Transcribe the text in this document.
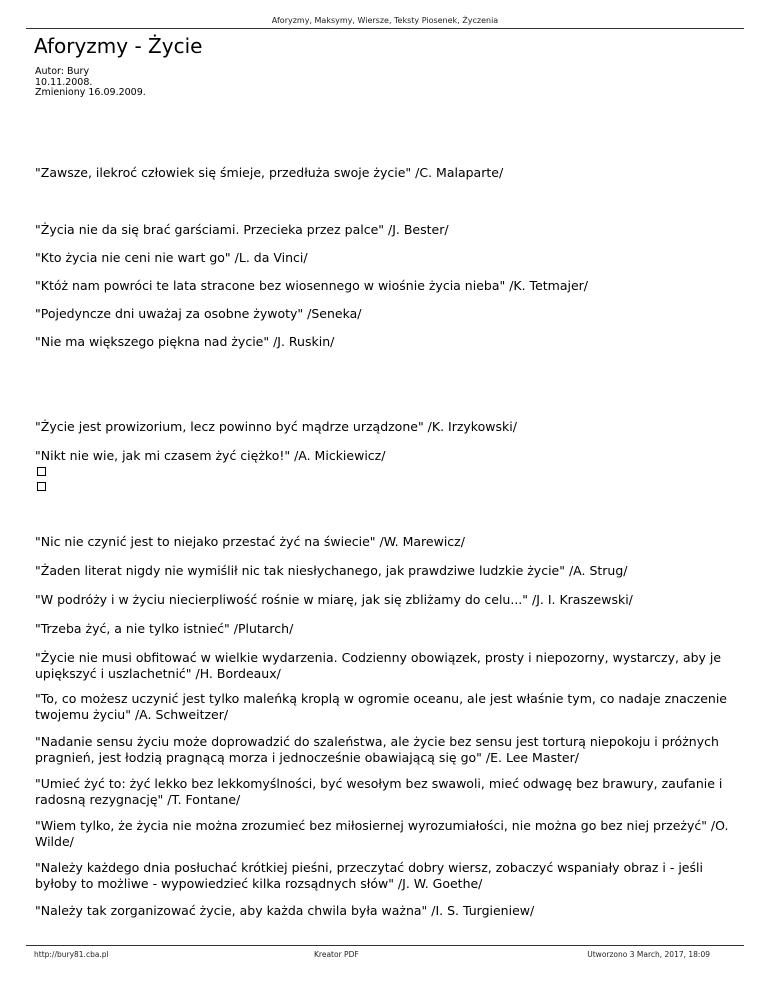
Aforyzmy, Maksymy, Wiersze, Teksty Piosenek, Życzenia
Aforyzmy - Życie
Autor: Bury
10.11.2008.
Zmieniony 16.09.2009.

"Zawsze, ilekroć człowiek się śmieje, przedłuża swoje życie" /C. Malaparte/

"Życia nie da się brać garściami. Przecieka przez palce" /J. Bester/

"Kto życia nie ceni nie wart go" /L. da Vinci/

"Któż nam powróci te lata stracone bez wiosennego w wiośnie życia nieba" /K. Tetmajer/

"Pojedyncze dni uważaj za osobne żywoty" /Seneka/

"Nie ma większego piękna nad życie" /J. Ruskin/

"Życie jest prowizorium, lecz powinno być mądrze urządzone" /K. Irzykowski/

"Nikt nie wie, jak mi czasem żyć ciężko!" /A. Mickiewicz/

"Nic nie czynić jest to niejako przestać żyć na świecie" /W. Marewicz/

"Żaden literat nigdy nie wymiślił nic tak niesłychanego, jak prawdziwe ludzkie życie" /A. Strug/

"W podróży i w życiu niecierpliwość rośnie w miarę, jak się zbliżamy do celu..." /J. I. Kraszewski/

"Trzeba żyć, a nie tylko istnieć" /Plutarch/

"Życie nie musi obfitować w wielkie wydarzenia. Codzienny obowiązek, prosty i niepozorny, wystarczy, aby je upiększyć i uszlachetnić" /H. Bordeaux/

"To, co możesz uczynić jest tylko maleńką kroplą w ogromie oceanu, ale jest właśnie tym, co nadaje znaczenie twojemu życiu" /A. Schweitzer/

"Nadanie sensu życiu może doprowadzić do szaleństwa, ale życie bez sensu jest torturą niepokoju i próżnych pragnień, jest łodzią pragnącą morza i jednocześnie obawiającą się go" /E. Lee Master/

"Umieć żyć to: żyć lekko bez lekkomyślności, być wesołym bez swawoli, mieć odwagę bez brawury, zaufanie i radosną rezygnację" /T. Fontane/

"Wiem tylko, że życia nie można zrozumieć bez miłosiernej wyrozumiałości, nie można go bez niej przeżyć" /O. Wilde/

"Należy każdego dnia posłuchać krótkiej pieśni, przeczytać dobry wiersz, zobaczyć wspaniały obraz i - jeśli byłoby to możliwe - wypowiedzieć kilka rozsądnych słów" /J. W. Goethe/

"Należy tak zorganizować życie, aby każda chwila była ważna" /I. S. Turgieniew/

http://bury81.cba.pl	Kreator PDF	Utworzono 3 March, 2017, 18:09
